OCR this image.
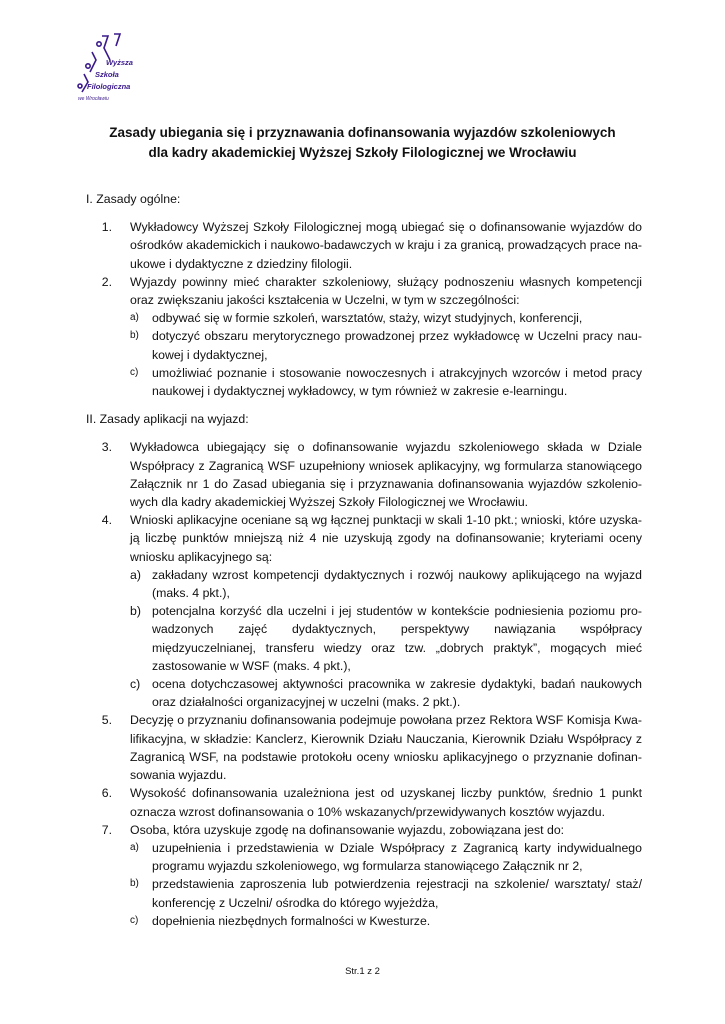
Wyższa
Szkoła
Filologiczna
we Wrocławiu
Zasady ubiegania się i przyznawania dofinansowania wyjazdów szkoleniowych
dla kadry akademickiej Wyższej Szkoły Filologicznej we Wrocławiu

I. Zasady ogólne:

1.	Wykładowcy Wyższej Szkoły Filologicznej mogą ubiegać się o dofinansowanie wyjazdów do ośrodków akademickich i naukowo-badawczych w kraju i za granicą, prowadzących prace na-ukowe i dydaktyczne z dziedziny filologii.
2.	Wyjazdy powinny mieć charakter szkoleniowy, służący podnoszeniu własnych kompetencji oraz zwiększaniu jakości kształcenia w Uczelni, w tym w szczególności:
a)	odbywać się w formie szkoleń, warsztatów, staży, wizyt studyjnych, konferencji,
b)	dotyczyć obszaru merytorycznego prowadzonej przez wykładowcę w Uczelni pracy nau-kowej i dydaktycznej,
c)	umożliwiać poznanie i stosowanie nowoczesnych i atrakcyjnych wzorców i metod pracy naukowej i dydaktycznej wykładowcy, w tym również w zakresie e-learningu.

II. Zasady aplikacji na wyjazd:

3.	Wykładowca ubiegający się o dofinansowanie wyjazdu szkoleniowego składa w Dziale Współpracy z Zagranicą WSF uzupełniony wniosek aplikacyjny, wg formularza stanowiącego Załącznik nr 1 do Zasad ubiegania się i przyznawania dofinansowania wyjazdów szkolenio-wych dla kadry akademickiej Wyższej Szkoły Filologicznej we Wrocławiu.
4.	Wnioski aplikacyjne oceniane są wg łącznej punktacji w skali 1-10 pkt.; wnioski, które uzyska-ją liczbę punktów mniejszą niż 4 nie uzyskują zgody na dofinansowanie; kryteriami oceny wniosku aplikacyjnego są:
a) zakładany wzrost kompetencji dydaktycznych i rozwój naukowy aplikującego na wyjazd (maks. 4 pkt.),
b) potencjalna korzyść dla uczelni i jej studentów w kontekście podniesienia poziomu pro-wadzonych zajęć dydaktycznych, perspektywy nawiązania współpracy międzyuczelnianej, transferu wiedzy oraz tzw. „dobrych praktyk”, mogących mieć zastosowanie w WSF (maks. 4 pkt.),
c) ocena dotychczasowej aktywności pracownika w zakresie dydaktyki, badań naukowych oraz działalności organizacyjnej w uczelni (maks. 2 pkt.).
5.	Decyzję o przyznaniu dofinansowania podejmuje powołana przez Rektora WSF Komisja Kwa-lifikacyjna, w składzie: Kanclerz, Kierownik Działu Nauczania, Kierownik Działu Współpracy z Zagranicą WSF, na podstawie protokołu oceny wniosku aplikacyjnego o przyznanie dofinan-sowania wyjazdu.
6.	Wysokość dofinansowania uzależniona jest od uzyskanej liczby punktów, średnio 1 punkt oznacza wzrost dofinansowania o 10% wskazanych/przewidywanych kosztów wyjazdu.
7.	Osoba, która uzyskuje zgodę na dofinansowanie wyjazdu, zobowiązana jest do:
a)	uzupełnienia i przedstawienia w Dziale Współpracy z Zagranicą karty indywidualnego programu wyjazdu szkoleniowego, wg formularza stanowiącego Załącznik nr 2,
b)	przedstawienia zaproszenia lub potwierdzenia rejestracji na szkolenie/ warsztaty/ staż/ konferencję z Uczelni/ ośrodka do którego wyjeżdża,
c)	dopełnienia niezbędnych formalności w Kwesturze.
Str.1 z 2
